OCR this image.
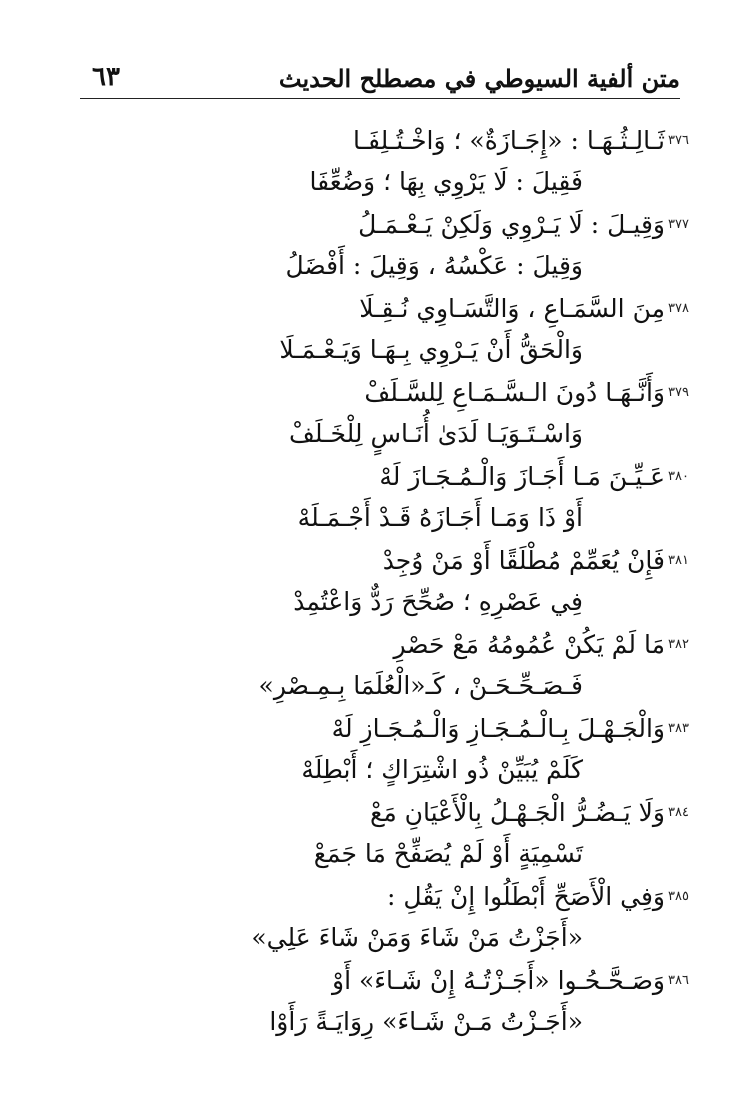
متن ألفية السيوطي في مصطلح الحديث
٦٣
٣٧٦
ثَـالِـثُـهَـا : «إِجَـازَةٌ» ؛ وَاخْـتُـلِفَـا
فَقِيلَ : لَا يَرْوِي بِهَا ؛ وَضُعِّفَا
٣٧٧
وَقِيـلَ : لَا يَـرْوِي وَلَكِنْ يَـعْـمَـلُ
وَقِيلَ : عَكْسُهُ ، وَقِيلَ : أَفْضَلُ
٣٧٨
مِنَ السَّمَـاعِ ، وَالتَّسَـاوِي نُـقِـلَا
وَالْحَقُّ أَنْ يَـرْوِي بِـهَـا وَيَـعْـمَـلَا
٣٧٩
وَأَنَّـهَـا دُونَ الـسَّـمَـاعِ لِلسَّـلَفْ
وَاسْـتَـوَيَـا لَدَىٰ أُنَـاسٍ لِلْخَـلَفْ
٣٨٠
عَـيِّـنَ مَـا أَجَـازَ وَالْـمُـجَـازَ لَهْ
أَوْ ذَا وَمَـا أَجَـازَهُ قَـدْ أَجْـمَـلَهْ
٣٨١
فَإِنْ يُعَمِّمْ مُطْلَقًا أَوْ مَنْ وُجِدْ
فِي عَصْرِهِ ؛ صُحِّحَ رَدٌّ وَاعْتُمِدْ
٣٨٢
مَا لَمْ يَكُنْ عُمُومُهُ مَعْ حَصْرِ
فَـصَـحِّـحَـنْ ، كَـ«الْعُلَمَا بِـمِـصْرِ»
٣٨٣
وَالْجَـهْـلَ بِـالْـمُـجَـازِ وَالْـمُـجَـازِ لَهْ
كَلَمْ يُبَيِّنْ ذُو اشْتِرَاكٍ ؛ أَبْطِلَهْ
٣٨٤
وَلَا يَـضُـرُّ الْجَـهْـلُ بِالْأَعْيَانِ مَعْ
تَسْمِيَةٍ أَوْ لَمْ يُصَفِّحْ مَا جَمَعْ
٣٨٥
وَفِي الْأَصَحِّ أَبْطَلُوا إِنْ يَقُلِ :
«أَجَزْتُ مَنْ شَاءَ وَمَنْ شَاءَ عَلِي»
٣٨٦
وَصَـحَّـحُـوا «أَجَـزْتُـهُ إِنْ شَـاءَ» أَوْ
«أَجَـزْتُ مَـنْ شَـاءَ» رِوَايَـةً رَأَوْا
